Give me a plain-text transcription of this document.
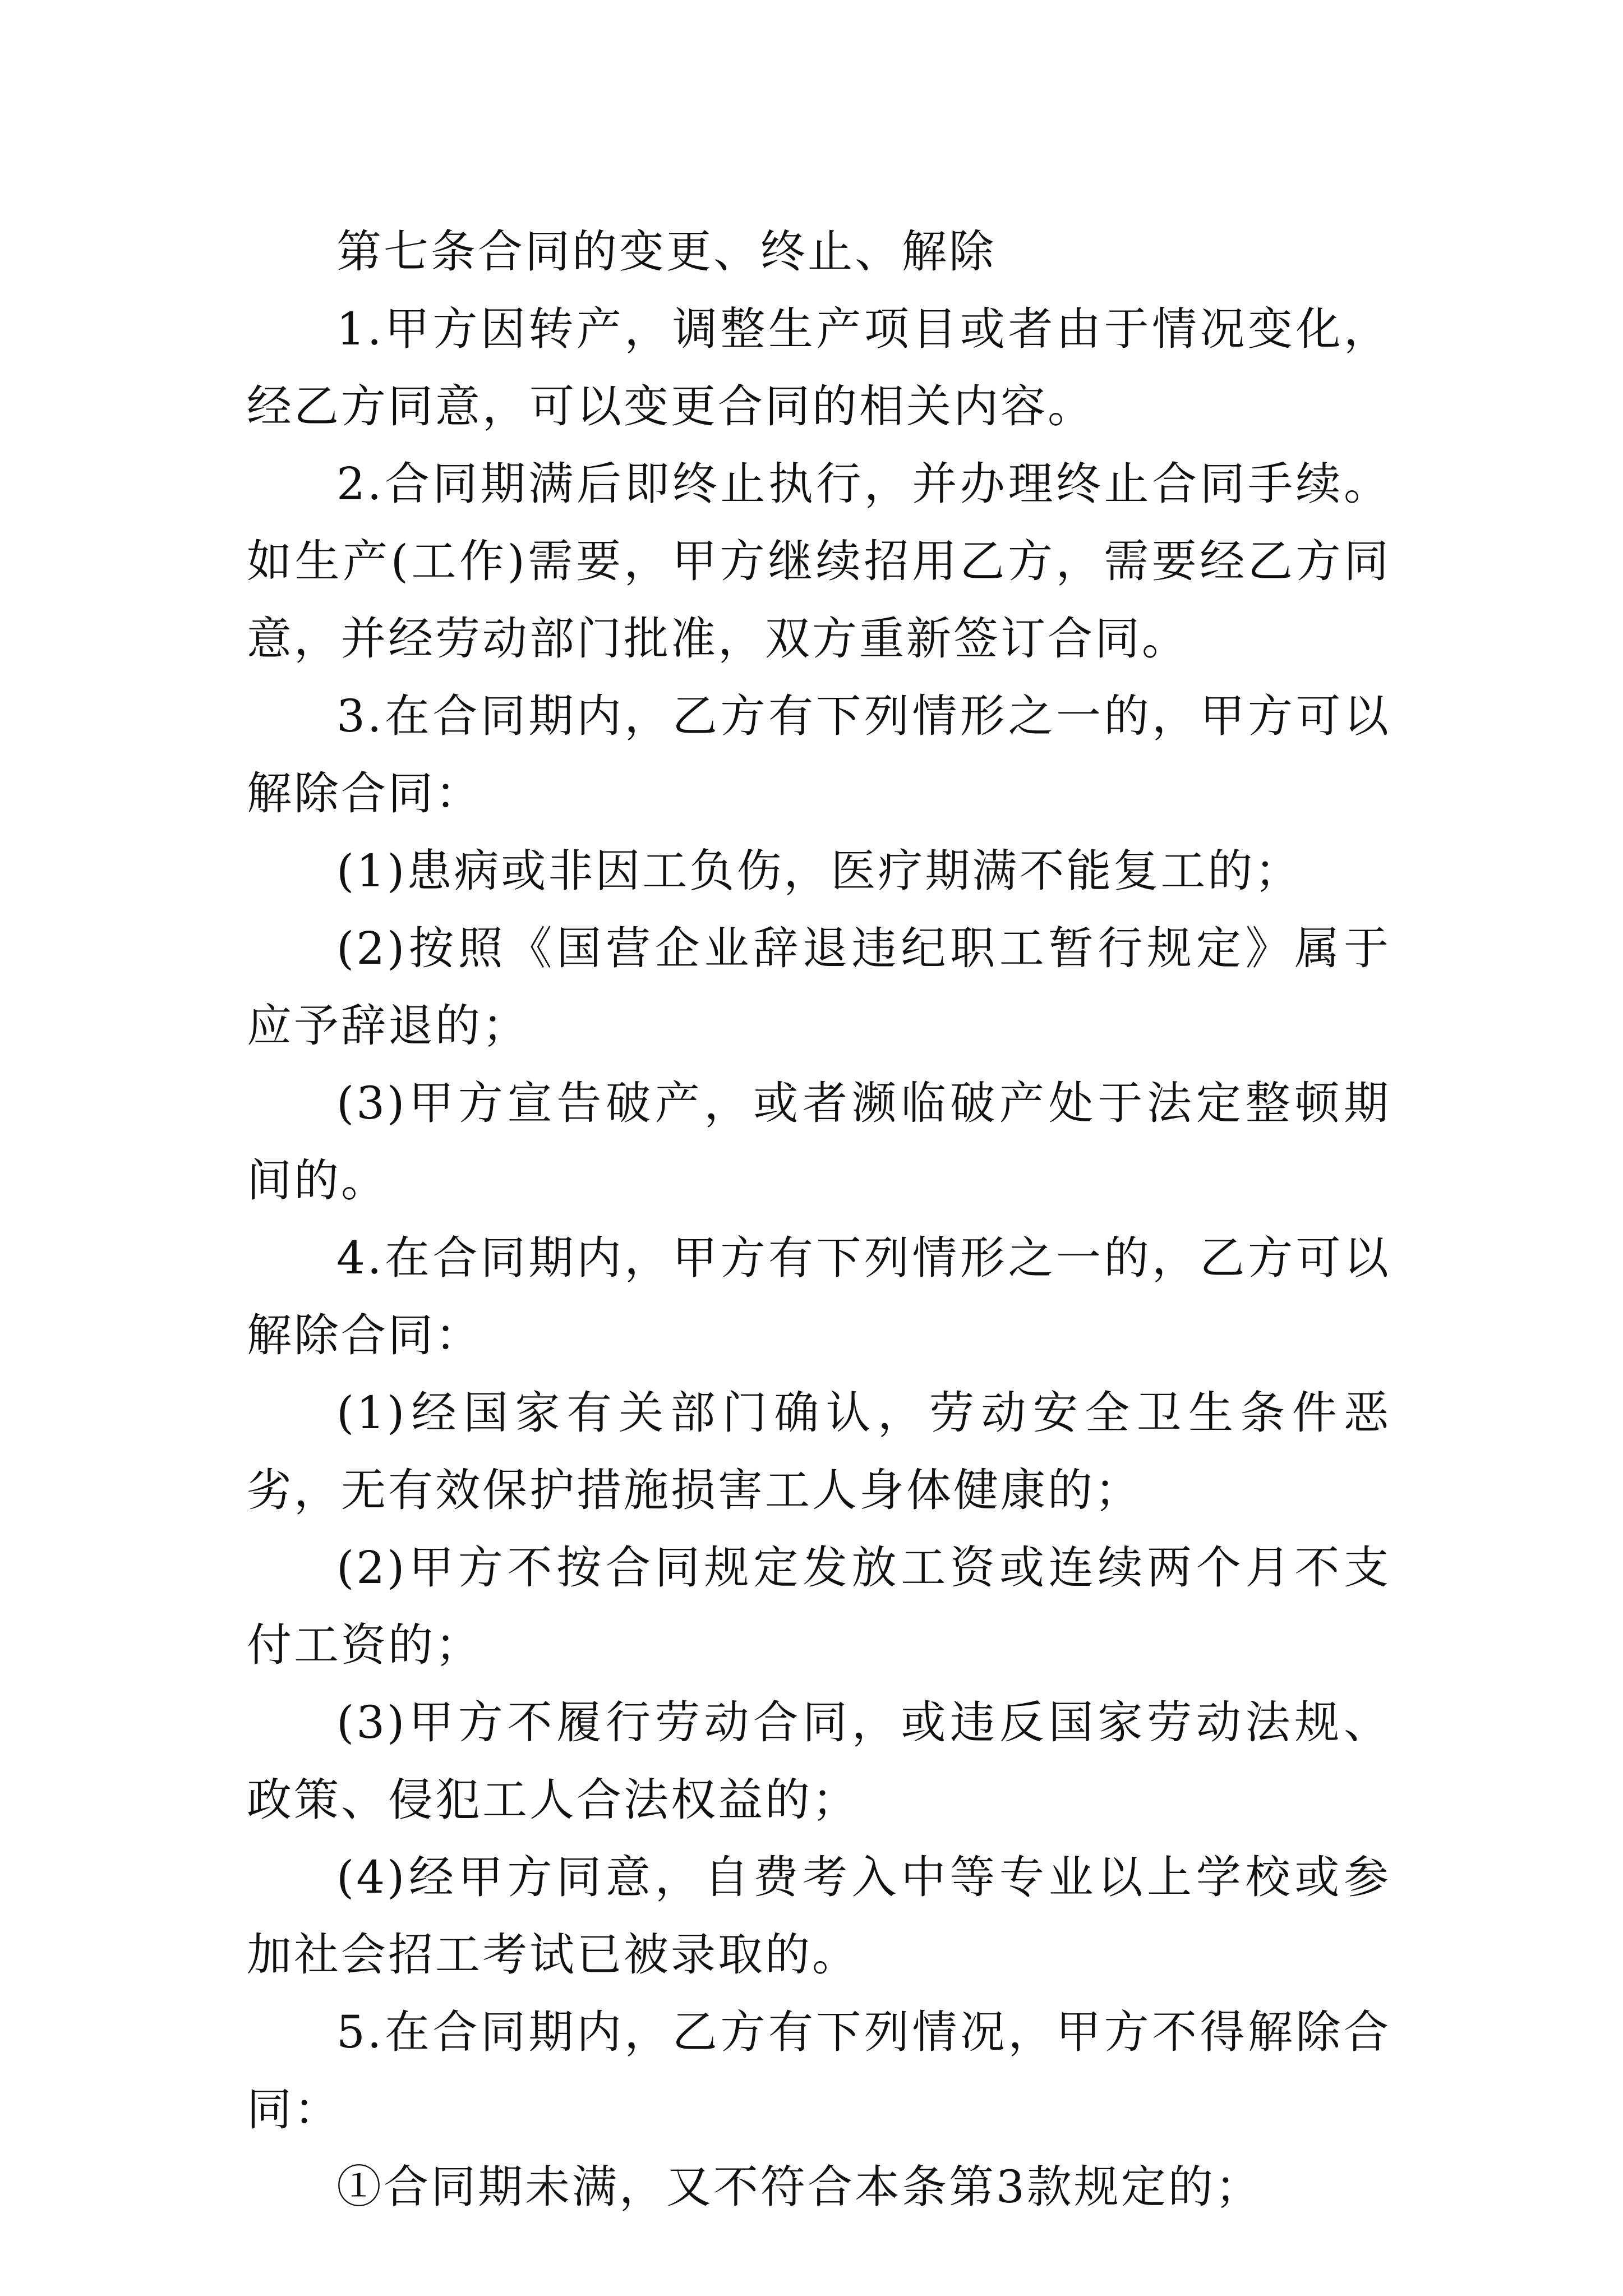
第七条合同的变更、终止、解除

1.甲方因转产，调整生产项目或者由于情况变化，经乙方同意，可以变更合同的相关内容。

2.合同期满后即终止执行，并办理终止合同手续。如生产(工作)需要，甲方继续招用乙方，需要经乙方同意，并经劳动部门批准，双方重新签订合同。

3.在合同期内，乙方有下列情形之一的，甲方可以解除合同：

(1)患病或非因工负伤，医疗期满不能复工的；

(2)按照《国营企业辞退违纪职工暂行规定》属于应予辞退的；

(3)甲方宣告破产，或者濒临破产处于法定整顿期间的。

4.在合同期内，甲方有下列情形之一的，乙方可以解除合同：

(1)经国家有关部门确认，劳动安全卫生条件恶劣，无有效保护措施损害工人身体健康的；

(2)甲方不按合同规定发放工资或连续两个月不支付工资的；

(3)甲方不履行劳动合同，或违反国家劳动法规、政策、侵犯工人合法权益的；

(4)经甲方同意，自费考入中等专业以上学校或参加社会招工考试已被录取的。

5.在合同期内，乙方有下列情况，甲方不得解除合同：

①合同期未满，又不符合本条第3款规定的；
